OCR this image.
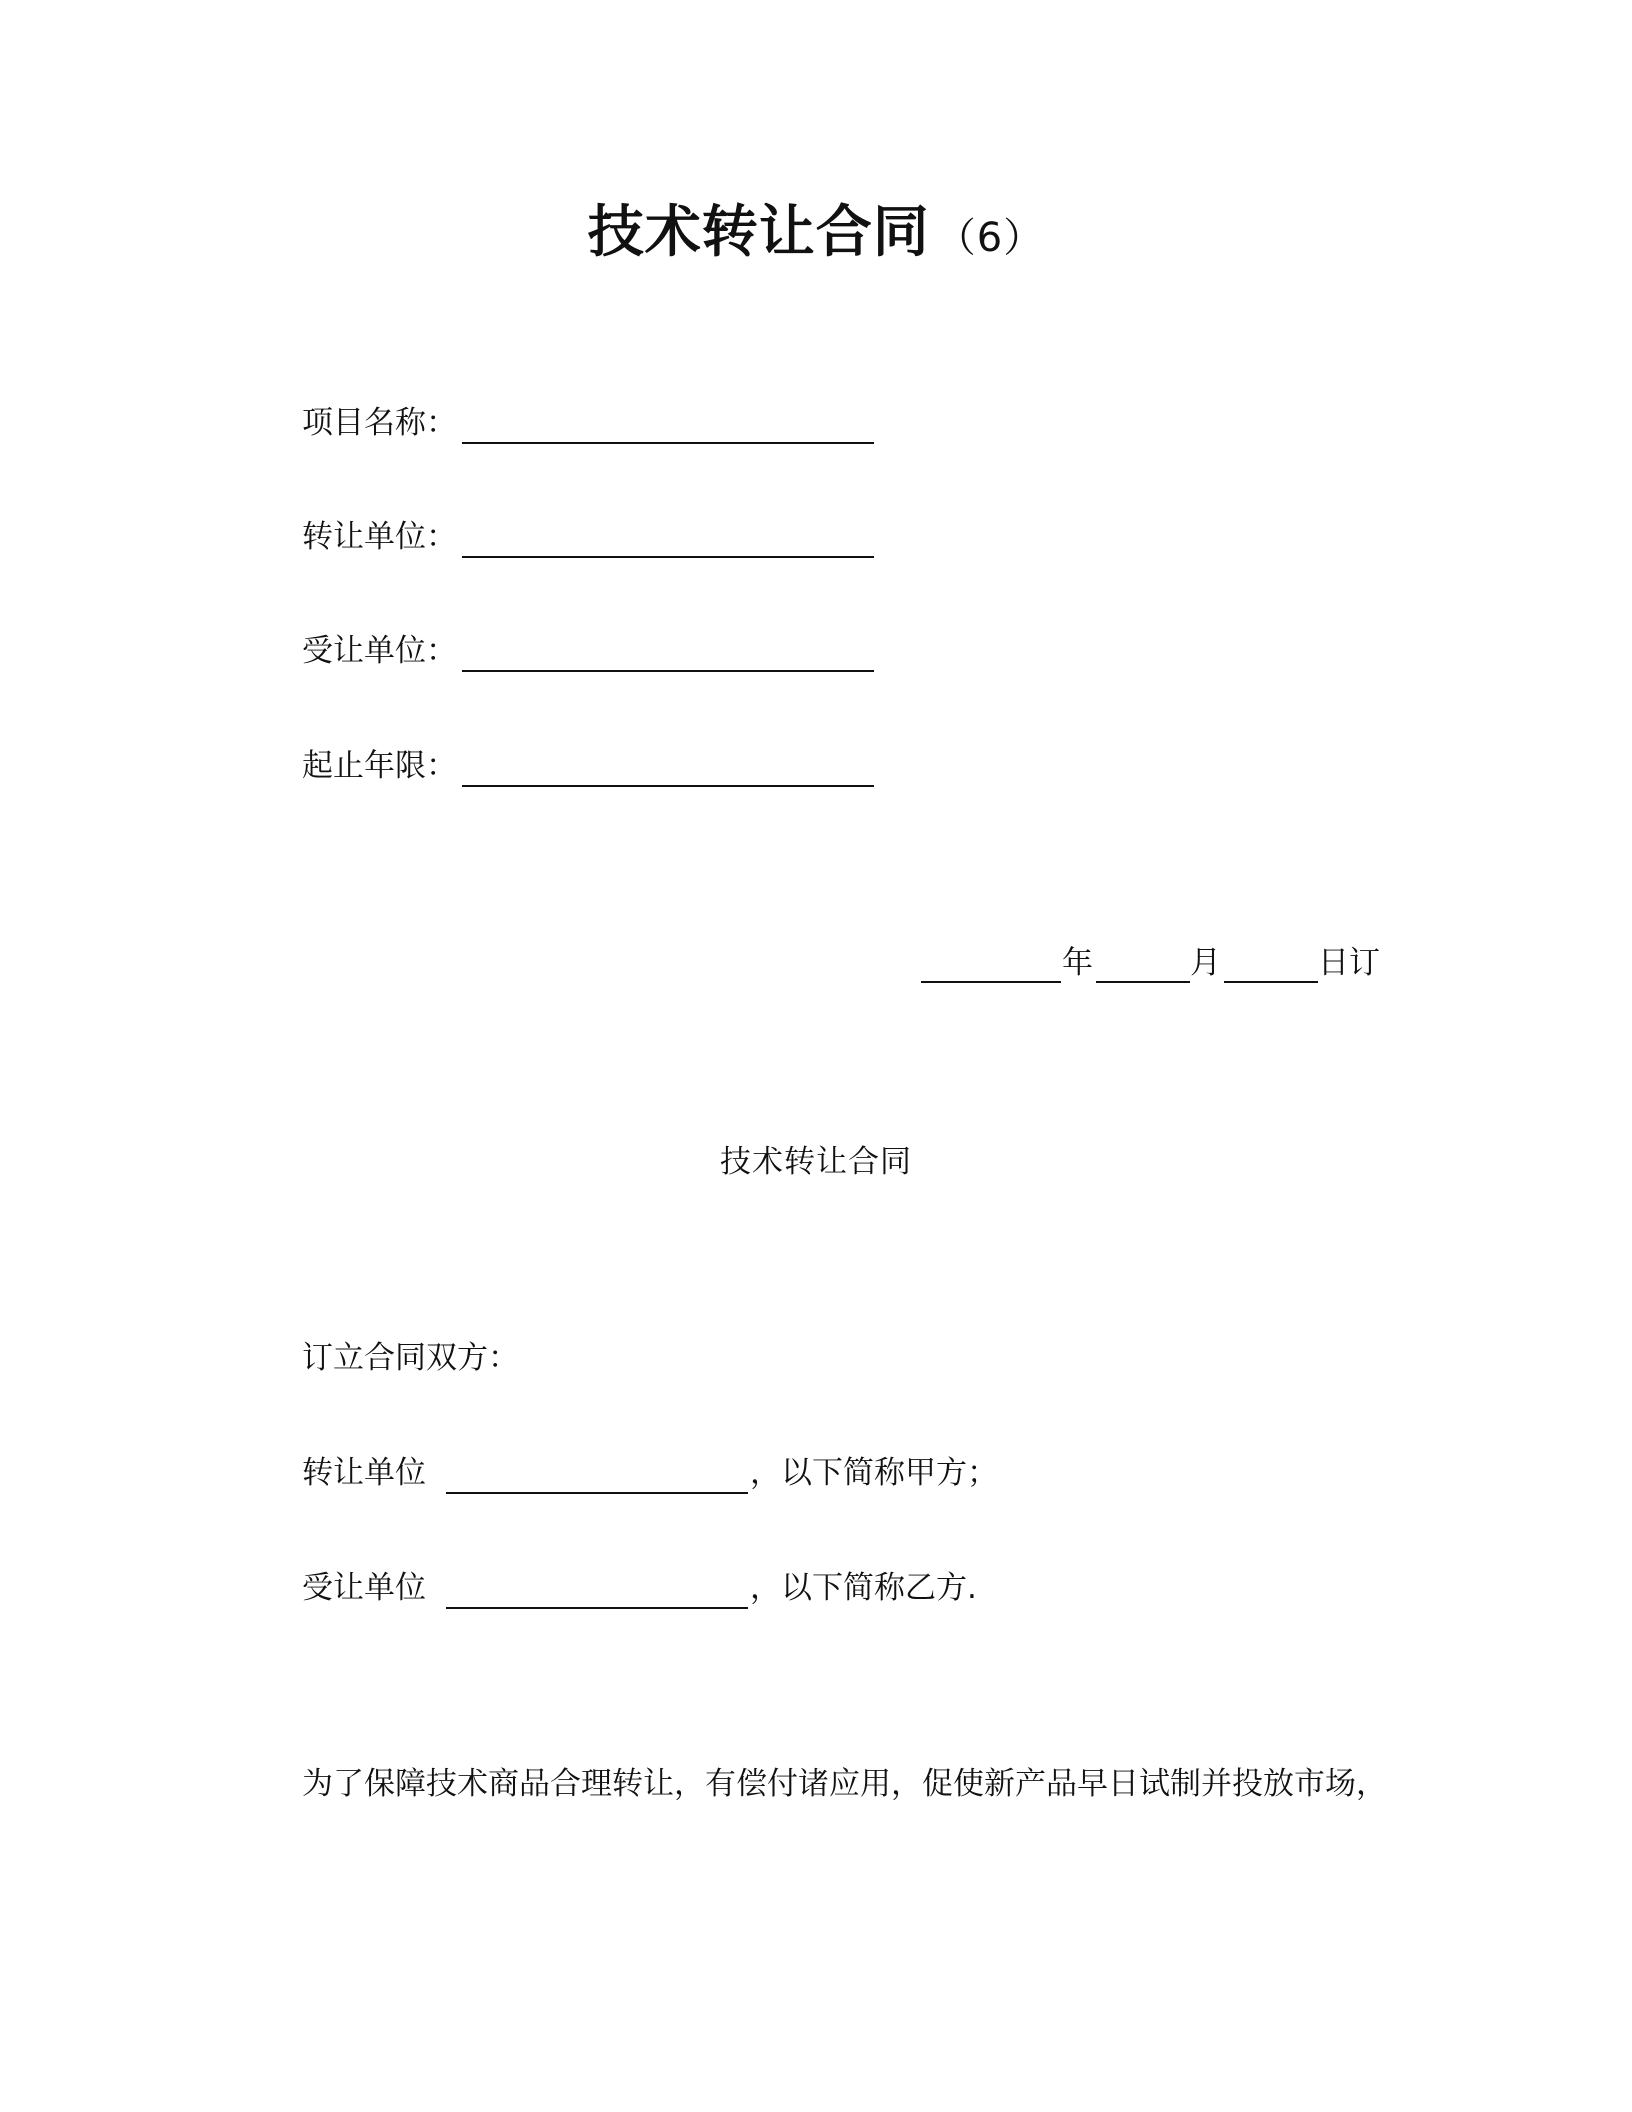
技术转让合同 （6）
项目名称：
转让单位：
受让单位：
起止年限：
年	月	日订
技术转让合同
订立合同双方：
转让单位	，以下简称甲方；
受让单位	，以下简称乙方.
为了保障技术商品合理转让，有偿付诸应用，促使新产品早日试制并投放市场，
